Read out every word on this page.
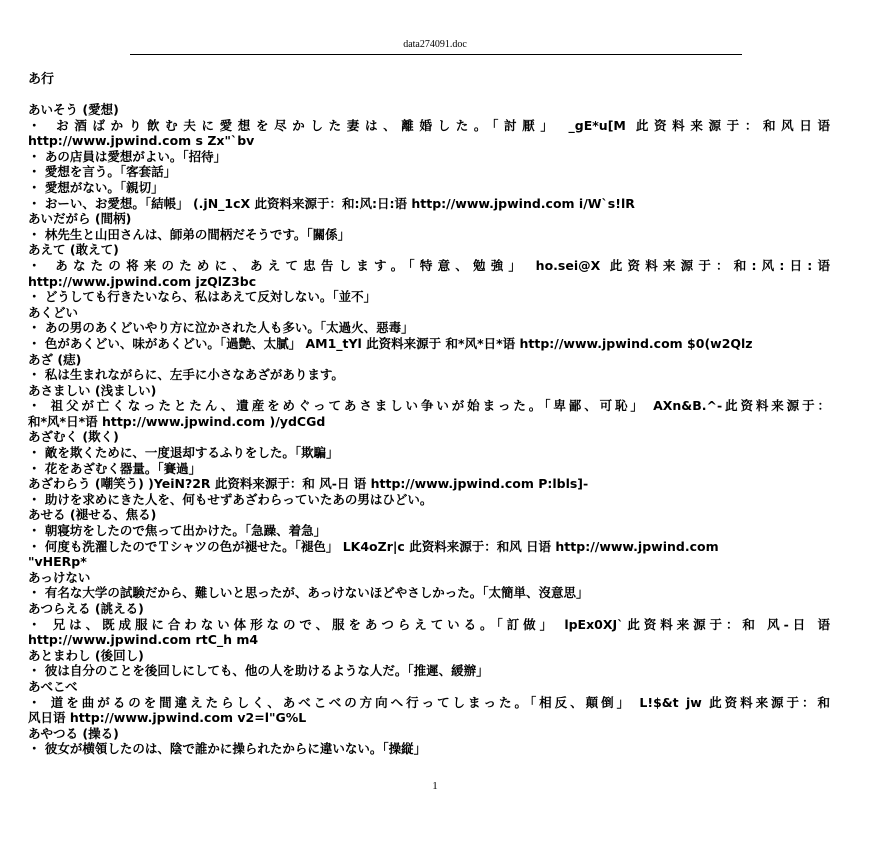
data274091.doc
あ行
あいそう (愛想)
・ お酒ばかり飲む夫に愛想を尽かした妻は、離婚した。「討厭」 _gE*u[M 此资料来源于：和风日语
http://www.jpwind.com s Zx"`bv
・ あの店員は愛想がよい。「招待」
・ 愛想を言う。「客套話」
・ 愛想がない。「親切」
・ おーい、お愛想。「結帳」 (.jN_1cX 此资料来源于：和:风:日:语 http://www.jpwind.com i/W`s!lR
あいだがら (間柄)
・ 林先生と山田さんは、師弟の間柄だそうです。「關係」
あえて (敢えて)
・ あなたの将来のために、あえて忠告します。「特意、勉強」 ho.sei@X 此资料来源于：和:风:日:语
http://www.jpwind.com jzQlZ3bc
・ どうしても行きたいなら、私はあえて反対しない。「並不」
あくどい
・ あの男のあくどいやり方に泣かされた人も多い。「太過火、惡毒」
・ 色があくどい、味があくどい。「過艶、太膩」 AM1_tYl 此资料来源于 和*风*日*语 http://www.jpwind.com $0(w2Qlz
あざ (痣)
・ 私は生まれながらに、左手に小さなあざがあります。
あさましい (浅ましい)
・ 祖父が亡くなったとたん、遺産をめぐってあさましい争いが始まった。「卑鄙、可恥」 AXn&B.^-此资料来源于：
和*风*日*语 http://www.jpwind.com )/ydCGd
あざむく (欺く)
・ 敵を欺くために、一度退却するふりをした。「欺騙」
・ 花をあざむく器量。「賽過」
あざわらう (嘲笑う) )YeiN?2R 此资料来源于：和 风-日 语 http://www.jpwind.com P:lbls]-
・ 助けを求めにきた人を、何もせずあざわらっていたあの男はひどい。
あせる (褪せる、焦る)
・ 朝寝坊をしたので焦って出かけた。「急躁、着急」
・ 何度も洗濯したのでＴシャツの色が褪せた。「褪色」 LK4oZr|c 此资料来源于：和风 日语 http://www.jpwind.com
"vHERp*
あっけない
・ 有名な大学の試験だから、難しいと思ったが、あっけないほどやさしかった。「太簡単、沒意思」
あつらえる (誂える)
・ 兄は、既成服に合わない体形なので、服をあつらえている。「訂做」 lpEx0XJ`此资料来源于：和 风-日 语
http://www.jpwind.com rtC_h m4
あとまわし (後回し)
・ 彼は自分のことを後回しにしても、他の人を助けるような人だ。「推遲、緩辦」
あべこべ
・ 道を曲がるのを間違えたらしく、あべこべの方向へ行ってしまった。「相反、顛倒」 L!$&t jw 此资料来源于：和
风日语 http://www.jpwind.com v2=l"G%L
あやつる (操る)
・ 彼女が横領したのは、陰で誰かに操られたからに違いない。「操縦」
1
